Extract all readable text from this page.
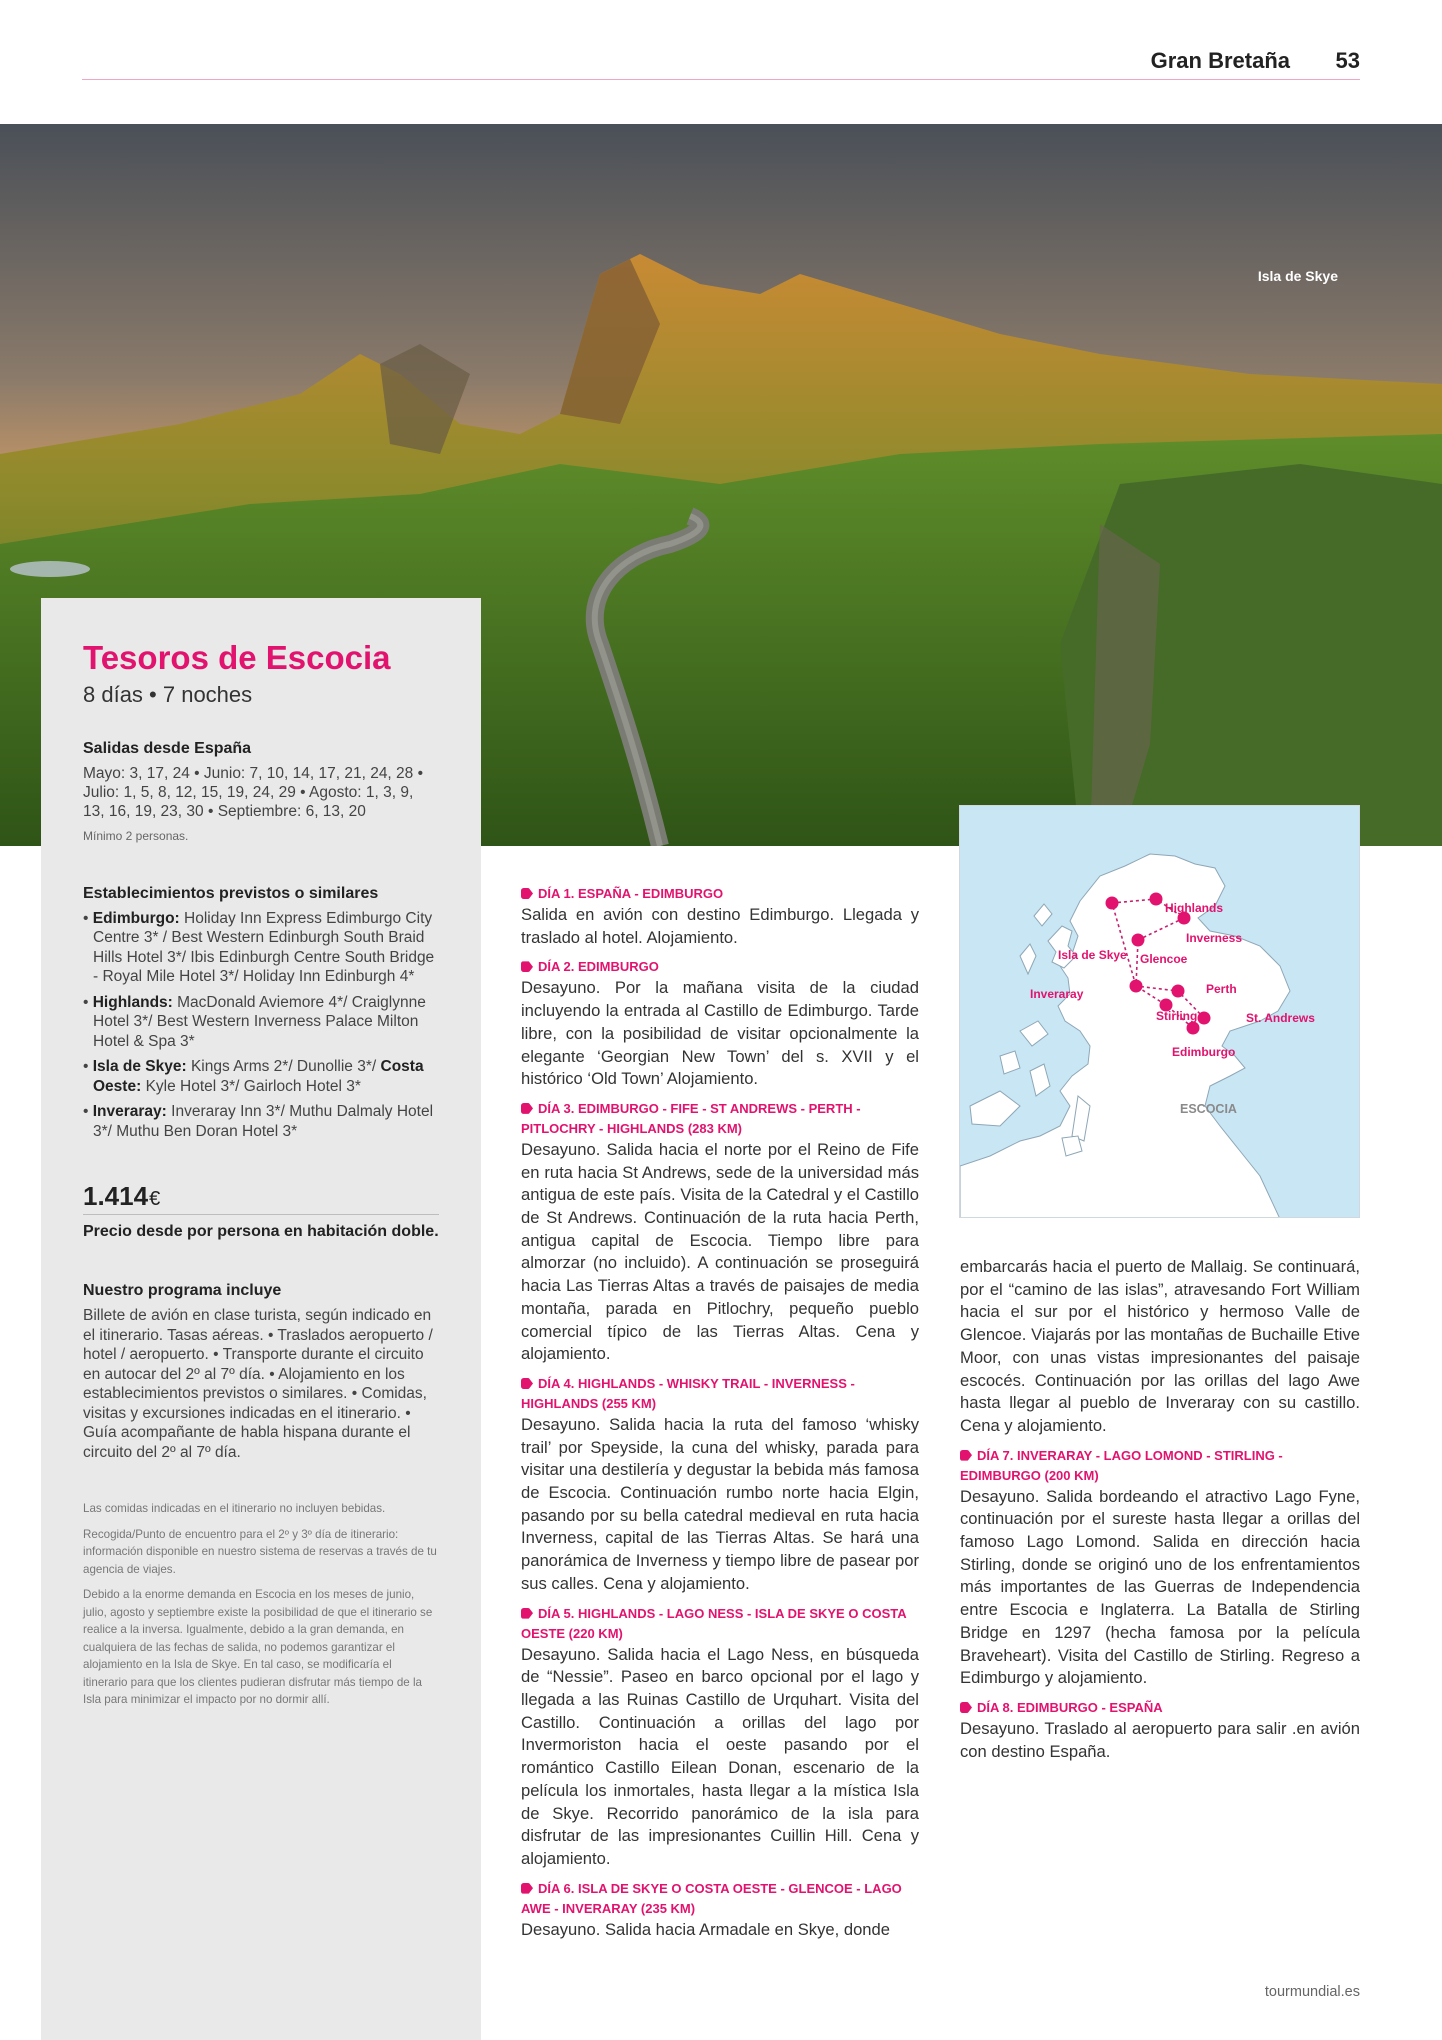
Gran Bretaña 53
Isla de Skye
Tesoros de Escocia
8 días • 7 noches
Salidas desde España
Mayo: 3, 17, 24 • Junio: 7, 10, 14, 17, 21, 24, 28 • Julio: 1, 5, 8, 12, 15, 19, 24, 29 • Agosto: 1, 3, 9, 13, 16, 19, 23, 30 • Septiembre: 6, 13, 20
Mínimo 2 personas.
Establecimientos previstos o similares
• Edimburgo: Holiday Inn Express Edimburgo City Centre 3* / Best Western Edinburgh South Braid Hills Hotel 3*/ Ibis Edinburgh Centre South Bridge - Royal Mile Hotel 3*/ Holiday Inn Edinburgh 4*
• Highlands: MacDonald Aviemore 4*/ Craiglynne Hotel 3*/ Best Western Inverness Palace Milton Hotel & Spa 3*
• Isla de Skye: Kings Arms 2*/ Dunollie 3*/ Costa Oeste: Kyle Hotel 3*/ Gairloch Hotel 3*
• Inveraray: Inveraray Inn 3*/ Muthu Dalmaly Hotel 3*/ Muthu Ben Doran Hotel 3*
1.414 €
Precio desde por persona en habitación doble.
Nuestro programa incluye
Billete de avión en clase turista, según indicado en el itinerario. Tasas aéreas. • Traslados aeropuerto / hotel / aeropuerto. • Transporte durante el circuito en autocar del 2º al 7º día. • Alojamiento en los establecimientos previstos o similares. • Comidas, visitas y excursiones indicadas en el itinerario. • Guía acompañante de habla hispana durante el circuito del 2º al 7º día.

Las comidas indicadas en el itinerario no incluyen bebidas.

Recogida/Punto de encuentro para el 2º y 3º día de itinerario: información disponible en nuestro sistema de reservas a través de tu agencia de viajes.

Debido a la enorme demanda en Escocia en los meses de junio, julio, agosto y septiembre existe la posibilidad de que el itinerario se realice a la inversa. Igualmente, debido a la gran demanda, en cualquiera de las fechas de salida, no podemos garantizar el alojamiento en la Isla de Skye. En tal caso, se modificaría el itinerario para que los clientes pudieran disfrutar más tiempo de la Isla para minimizar el impacto por no dormir allí.

DÍA 1. ESPAÑA - EDIMBURGO
Salida en avión con destino Edimburgo. Llegada y traslado al hotel. Alojamiento.
DÍA 2. EDIMBURGO
Desayuno. Por la mañana visita de la ciudad incluyendo la entrada al Castillo de Edimburgo. Tarde libre, con la posibilidad de visitar opcionalmente la elegante ‘Georgian New Town’ del s. XVII y el histórico ‘Old Town’ Alojamiento.
DÍA 3. EDIMBURGO - FIFE - ST ANDREWS - PERTH - PITLOCHRY - HIGHLANDS (283 KM)
Desayuno. Salida hacia el norte por el Reino de Fife en ruta hacia St Andrews, sede de la universidad más antigua de este país. Visita de la Catedral y el Castillo de St Andrews. Continuación de la ruta hacia Perth, antigua capital de Escocia. Tiempo libre para almorzar (no incluido). A continuación se proseguirá hacia Las Tierras Altas a través de paisajes de media montaña, parada en Pitlochry, pequeño pueblo comercial típico de las Tierras Altas. Cena y alojamiento.
DÍA 4. HIGHLANDS - WHISKY TRAIL - INVERNESS - HIGHLANDS (255 KM)
Desayuno. Salida hacia la ruta del famoso ‘whisky trail’ por Speyside, la cuna del whisky, parada para visitar una destilería y degustar la bebida más famosa de Escocia. Continuación rumbo norte hacia Elgin, pasando por su bella catedral medieval en ruta hacia Inverness, capital de las Tierras Altas. Se hará una panorámica de Inverness y tiempo libre de pasear por sus calles. Cena y alojamiento.
DÍA 5. HIGHLANDS - LAGO NESS - ISLA DE SKYE O COSTA OESTE (220 KM)
Desayuno. Salida hacia el Lago Ness, en búsqueda de “Nessie”. Paseo en barco opcional por el lago y llegada a las Ruinas Castillo de Urquhart. Visita del Castillo. Continuación a orillas del lago por Invermoriston hacia el oeste pasando por el romántico Castillo Eilean Donan, escenario de la película los inmortales, hasta llegar a la mística Isla de Skye. Recorrido panorámico de la isla para disfrutar de las impresionantes Cuillin Hill. Cena y alojamiento.
DÍA 6. ISLA DE SKYE O COSTA OESTE - GLENCOE - LAGO AWE - INVERARAY (235 KM)
Desayuno. Salida hacia Armadale en Skye, donde
Highlands
Inverness
Isla de Skye Glencoe
Inveraray	Perth
Stirling	St. Andrews
Edimburgo
ESCOCIA
embarcarás hacia el puerto de Mallaig. Se continuará, por el “camino de las islas”, atravesando Fort William hacia el sur por el histórico y hermoso Valle de Glencoe. Viajarás por las montañas de Buchaille Etive Moor, con unas vistas impresionantes del paisaje escocés. Continuación por las orillas del lago Awe hasta llegar al pueblo de Inveraray con su castillo. Cena y alojamiento.
DÍA 7. INVERARAY - LAGO LOMOND - STIRLING - EDIMBURGO (200 KM)
Desayuno. Salida bordeando el atractivo Lago Fyne, continuación por el sureste hasta llegar a orillas del famoso Lago Lomond. Salida en dirección hacia Stirling, donde se originó uno de los enfrentamientos más importantes de las Guerras de Independencia entre Escocia e Inglaterra. La Batalla de Stirling Bridge en 1297 (hecha famosa por la película Braveheart). Visita del Castillo de Stirling. Regreso a Edimburgo y alojamiento.
DÍA 8. EDIMBURGO - ESPAÑA
Desayuno. Traslado al aeropuerto para salir .en avión con destino España.
tourmundial.es
